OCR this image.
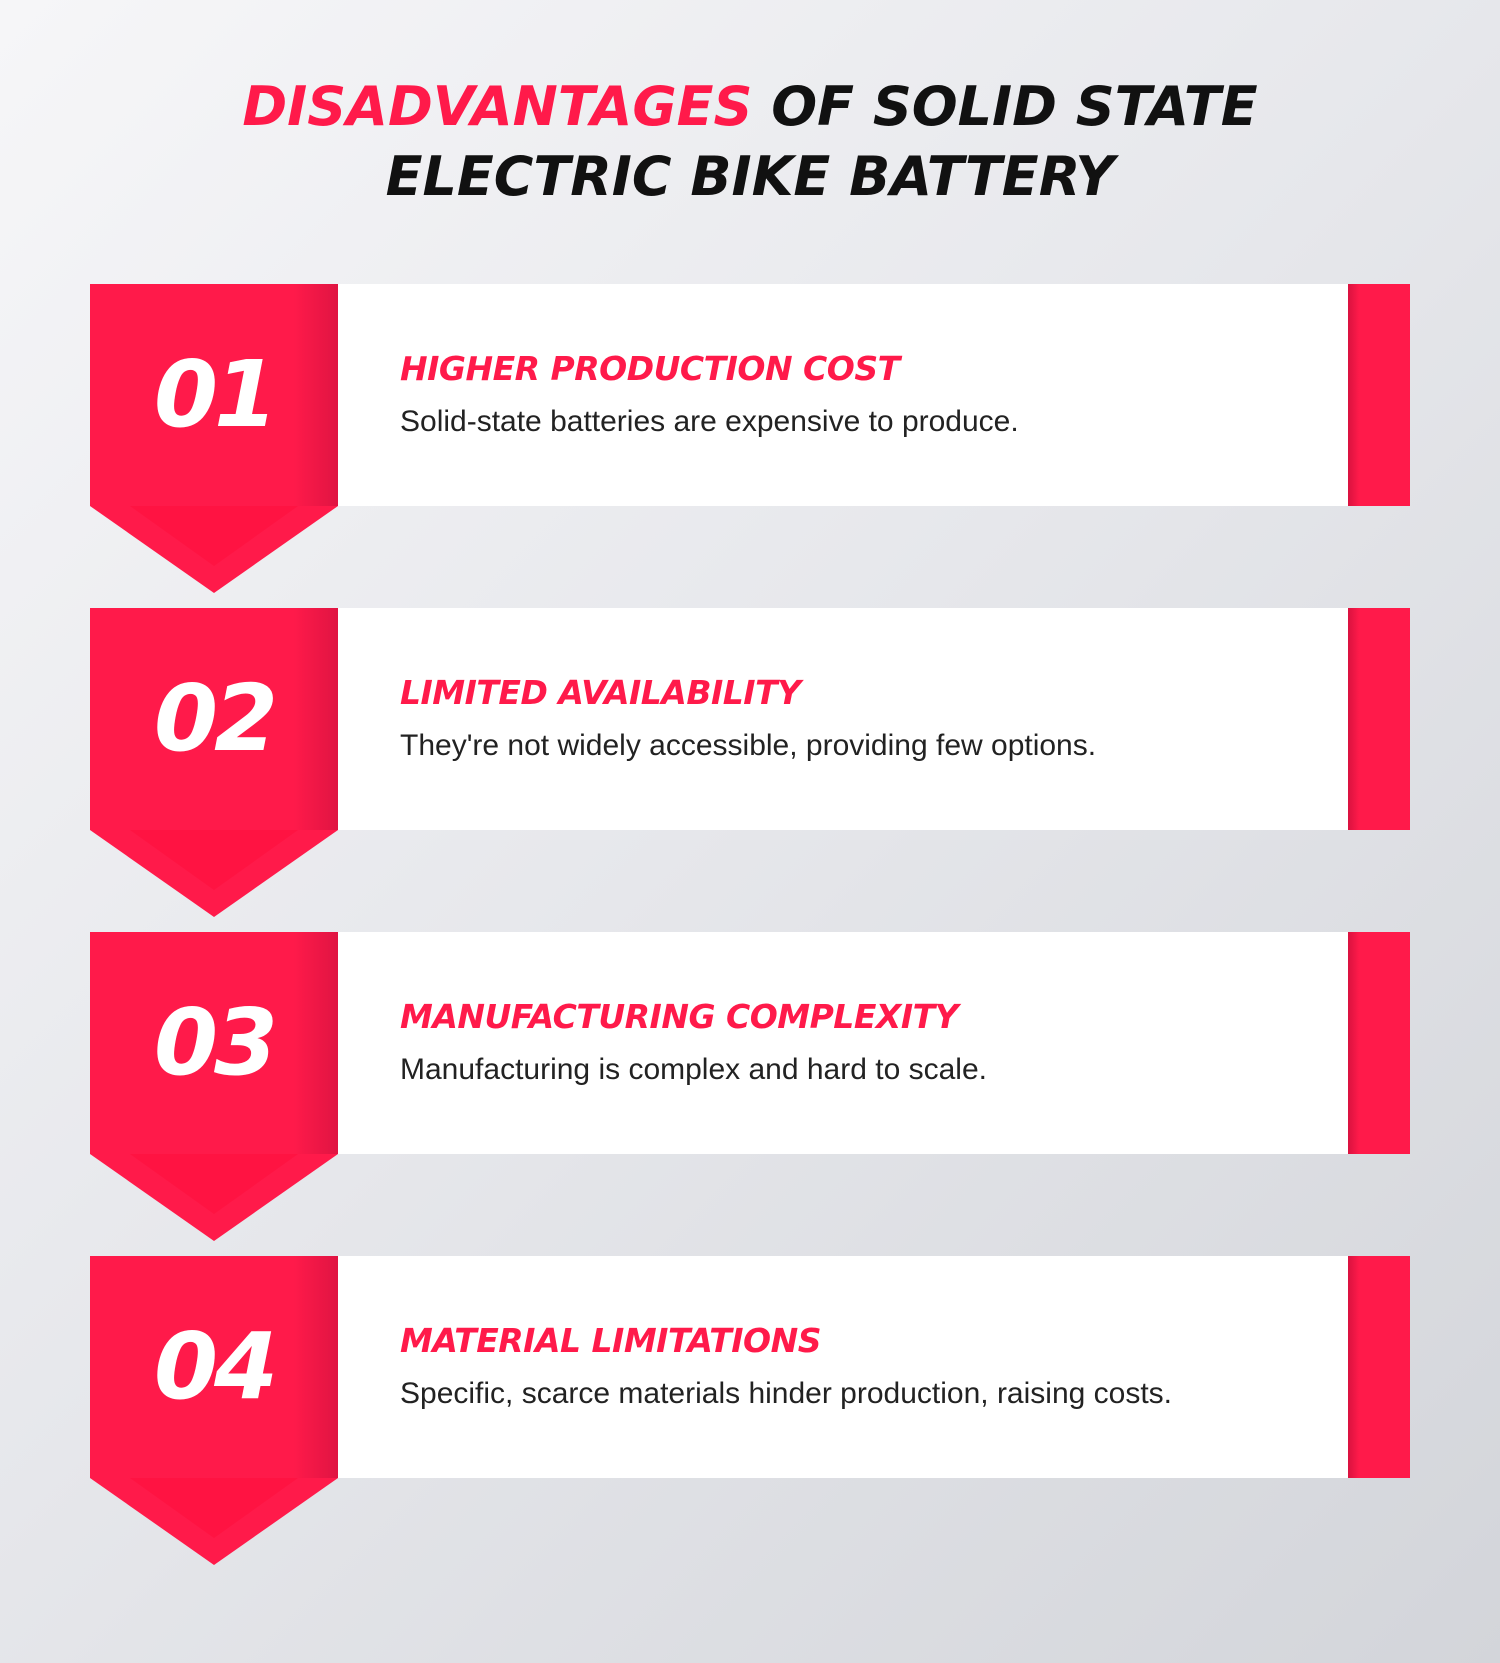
DISADVANTAGES OF SOLID STATE
ELECTRIC BIKE BATTERY
01	HIGHER PRODUCTION COST
Solid-state batteries are expensive to produce.
02	LIMITED AVAILABILITY
They're not widely accessible, providing few options.
03	MANUFACTURING COMPLEXITY
Manufacturing is complex and hard to scale.
04	MATERIAL LIMITATIONS
Specific, scarce materials hinder production, raising costs.
